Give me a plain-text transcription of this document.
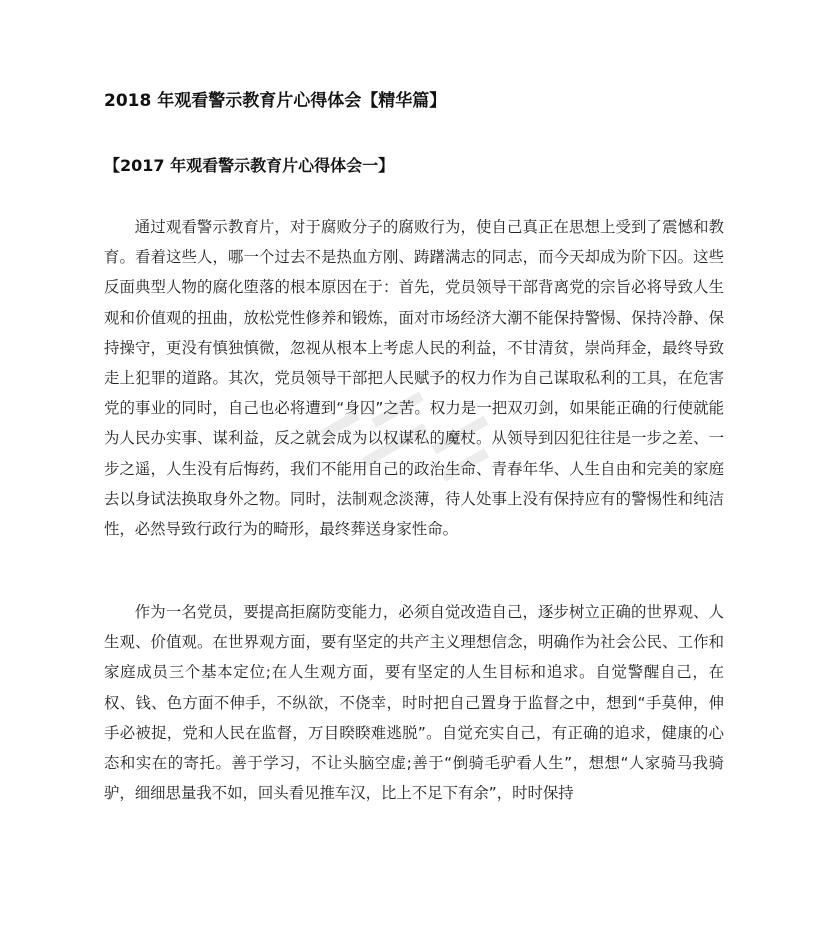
2018 年观看警示教育片心得体会【精华篇】
【2017 年观看警示教育片心得体会一】

通过观看警示教育片，对于腐败分子的腐败行为，使自己真正在思想上受到了震憾和教育。看着这些人，哪一个过去不是热血方刚、踌躇满志的同志，而今天却成为阶下囚。这些反面典型人物的腐化堕落的根本原因在于：首先，党员领导干部背离党的宗旨必将导致人生观和价值观的扭曲，放松党性修养和锻炼，面对市场经济大潮不能保持警惕、保持冷静、保持操守，更没有慎独慎微，忽视从根本上考虑人民的利益，不甘清贫，崇尚拜金，最终导致走上犯罪的道路。其次，党员领导干部把人民赋予的权力作为自己谋取私利的工具，在危害党的事业的同时，自己也必将遭到“身囚”之苦。权力是一把双刃剑，如果能正确的行使就能为人民办实事、谋利益，反之就会成为以权谋私的魔杖。从领导到囚犯往往是一步之差、一步之遥，人生没有后悔药，我们不能用自己的政治生命、青春年华、人生自由和完美的家庭去以身试法换取身外之物。同时，法制观念淡薄，待人处事上没有保持应有的警惕性和纯洁性，必然导致行政行为的畸形，最终葬送身家性命。

作为一名党员，要提高拒腐防变能力，必须自觉改造自己，逐步树立正确的世界观、人生观、价值观。在世界观方面，要有坚定的共产主义理想信念，明确作为社会公民、工作和家庭成员三个基本定位;在人生观方面，要有坚定的人生目标和追求。自觉警醒自己，在权、钱、色方面不伸手，不纵欲，不侥幸，时时把自己置身于监督之中，想到“手莫伸，伸手必被捉，党和人民在监督，万目睽睽难逃脱”。自觉充实自己，有正确的追求，健康的心态和实在的寄托。善于学习，不让头脑空虚;善于“倒骑毛驴看人生”，想想“人家骑马我骑驴，细细思量我不如，回头看见推车汉，比上不足下有余”，时时保持
